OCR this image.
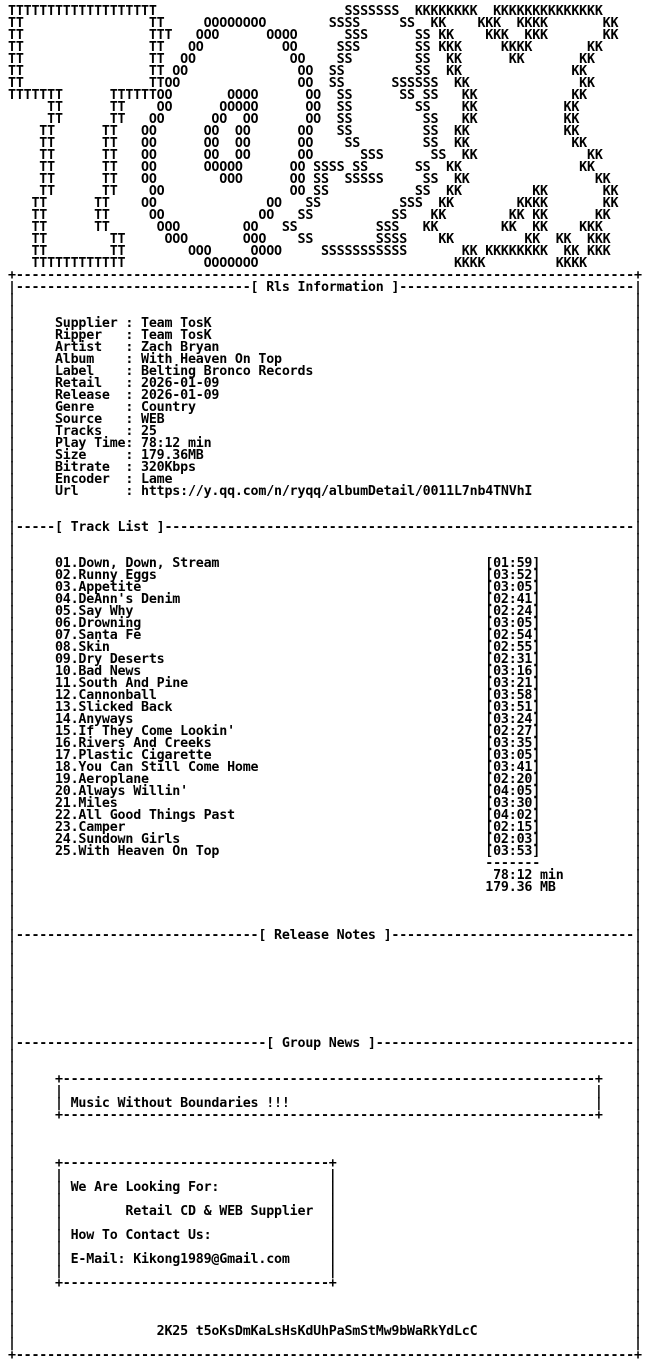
TTTTTTTTTTTTTTTTTTT                        SSSSSSS  KKKKKKKK  KKKKKKKKKKKKKK
TT                TT     OOOOOOOO        SSSS     SS  KK    KKK  KKKK       KK
TT                TTT   OOO      OOOO      SSS      SS KK    KKK  KKK       KK
TT                TT   OO          OO     SSS       SS KKK     KKKK       KK
TT                TT  OO            OO    SS        SS  KK      KK       KK
TT                TT OO              OO  SS         SS  KK              KK
TT                TTOO               OO  SS      SSSSSS  KK              KK
TTTTTTT      TTTTTTOO       OOOO      OO  SS      SS SS   KK            KK
TT      TT    OO      OOOOO      OO  SS        SS    KK           KK
TT      TT   OO      OO  OO      OO  SS         SS   KK           KK
TT      TT   OO      OO  OO      OO   SS         SS  KK            KK
TT      TT   OO      OO  OO      OO    SS        SS  KK             KK
TT      TT   OO      OO  OO      OO      SSS      SS  KK              KK
TT      TT   OO      OOOOO      OO SSSS SS      SS  KK               KK
TT      TT   OO        OOO      OO SS  SSSSS     SS  KK                KK
TT      TT    OO                OO SS           SS  KK         KK       KK
TT      TT    OO              OO   SS          SSS  KK        KKKK       KK
TT      TT     OO            OO   SS          SS   KK        KK KK      KK
TT      TT      OOO        OO   SS          SSS   KK        KK  KK    KKK
TT        TT     OOO       OOO    SS        SSSS    KK         KK  KK  KKK
TT        TT        OOO     OOOO     SSSSSSSSSSS       KK KKKKKKKK  KK KKK
TTTTTTTTTTTT          OOOOOOO                         KKKK         KKKK
+-------------------------------------------------------------------------------+
|------------------------------[ Rls Information ]------------------------------|
|                                                                               |
|                                                                               |
|     Supplier : Team TosK                                                      |
|     Ripper   : Team TosK                                                      |
|     Artist   : Zach Bryan                                                     |
|     Album    : With Heaven On Top                                             |
|     Label    : Belting Bronco Records                                         |
|     Retail   : 2026-01-09                                                     |
|     Release  : 2026-01-09                                                     |
|     Genre    : Country                                                        |
|     Source   : WEB                                                            |
|     Tracks   : 25                                                             |
|     Play Time: 78:12 min                                                      |
|     Size     : 179.36MB                                                       |
|     Bitrate  : 320Kbps                                                        |
|     Encoder  : Lame                                                           |
|     Url      : https://y.qq.com/n/ryqq/albumDetail/0011L7nb4TNVhI             |
|                                                                               |
|                                                                               |
|-----[ Track List ]------------------------------------------------------------|
|                                                                               |
|                                                                               |
|     01.Down, Down, Stream                                  [01:59]            |
|     02.Runny Eggs                                          [03:52]            |
|     03.Appetite                                            [03:05]            |
|     04.DeAnn's Denim                                       [02:41]            |
|     05.Say Why                                             [02:24]            |
|     06.Drowning                                            [03:05]            |
|     07.Santa Fe                                            [02:54]            |
|     08.Skin                                                [02:55]            |
|     09.Dry Deserts                                         [02:31]            |
|     10.Bad News                                            [03:16]            |
|     11.South And Pine                                      [03:21]            |
|     12.Cannonball                                          [03:58]            |
|     13.Slicked Back                                        [03:51]            |
|     14.Anyways                                             [03:24]            |
|     15.If They Come Lookin'                                [02:27]            |
|     16.Rivers And Creeks                                   [03:35]            |
|     17.Plastic Cigarette                                   [03:05]            |
|     18.You Can Still Come Home                             [03:41]            |
|     19.Aeroplane                                           [02:20]            |
|     20.Always Willin'                                      [04:05]            |
|     21.Miles                                               [03:30]            |
|     22.All Good Things Past                                [04:02]            |
|     23.Camper                                              [02:15]            |
|     24.Sundown Girls                                       [02:03]            |
|     25.With Heaven On Top                                  [03:53]            |
|                                                            -------            |
|                                                             78:12 min         |
|                                                            179.36 MB          |
|                                                                               |
|                                                                               |
|                                                                               |
|-------------------------------[ Release Notes ]-------------------------------|
|                                                                               |
|                                                                               |
|                                                                               |
|                                                                               |
|                                                                               |
|                                                                               |
|                                                                               |
|                                                                               |
|--------------------------------[ Group News ]---------------------------------|
|                                                                               |
|                                                                               |
|     +--------------------------------------------------------------------+    |
|     |                                                                    |    |
|     | Music Without Boundaries !!!                                       |    |
|     +--------------------------------------------------------------------+    |
|                                                                               |
|                                                                               |
|                                                                               |
|     +----------------------------------+                                      |
|     |                                  |                                      |
|     | We Are Looking For:              |                                      |
|     |                                  |                                      |
|     |        Retail CD & WEB Supplier  |                                      |
|     |                                  |                                      |
|     | How To Contact Us:               |                                      |
|     |                                  |                                      |
|     | E-Mail: Kikong1989@Gmail.com     |                                      |
|     |                                  |                                      |
|     +----------------------------------+                                      |
|                                                                               |
|                                                                               |
|                                                                               |
|                  2K25 t5oKsDmKaLsHsKdUhPaSmStMw9bWaRkYdLcC                    |
|                                                                               |
+-------------------------------------------------------------------------------+
